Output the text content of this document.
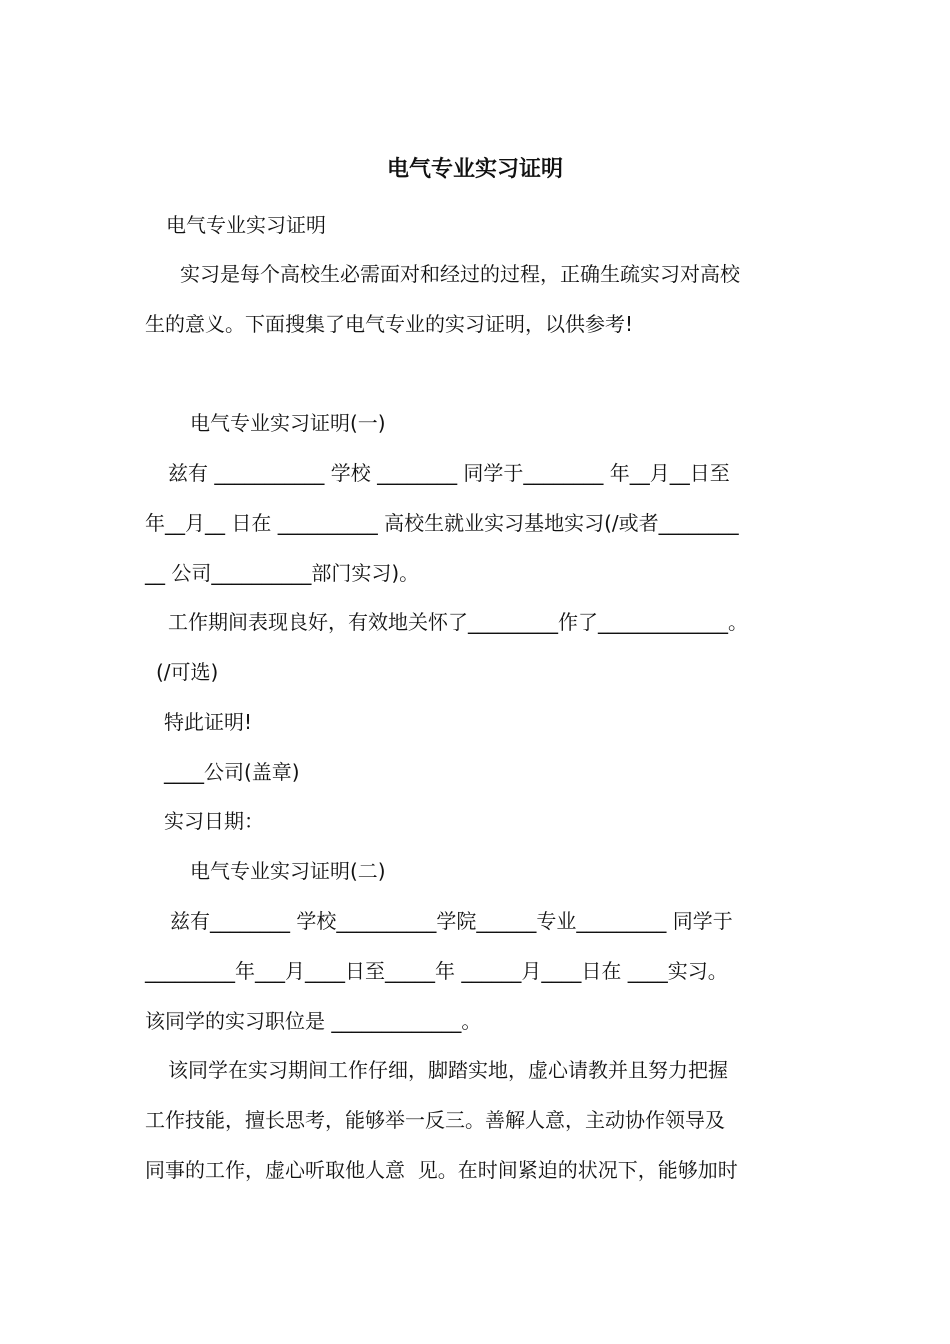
电气专业实习证明
电气专业实习证明
实习是每个高校生必需面对和经过的过程，正确生疏实习对高校
生的意义。下面搜集了电气专业的实习证明，以供参考!
电气专业实习证明(一)
兹有 ___________ 学校 ________ 同学于________ 年__月__日至
年__月__ 日在 __________ 高校生就业实习基地实习(/或者________
__ 公司__________部门实习)。
工作期间表现良好，有效地关怀了_________作了_____________。
(/可选)
特此证明!
____公司(盖章)
实习日期：
电气专业实习证明(二)
兹有________ 学校__________学院______专业_________ 同学于
_________年___月____日至_____年 ______月____日在 ____实习。
该同学的实习职位是 _____________。
该同学在实习期间工作仔细，脚踏实地，虚心请教并且努力把握
工作技能，擅长思考，能够举一反三。善解人意，主动协作领导及
同事的工作，虚心听取他人意  见。在时间紧迫的状况下，能够加时
